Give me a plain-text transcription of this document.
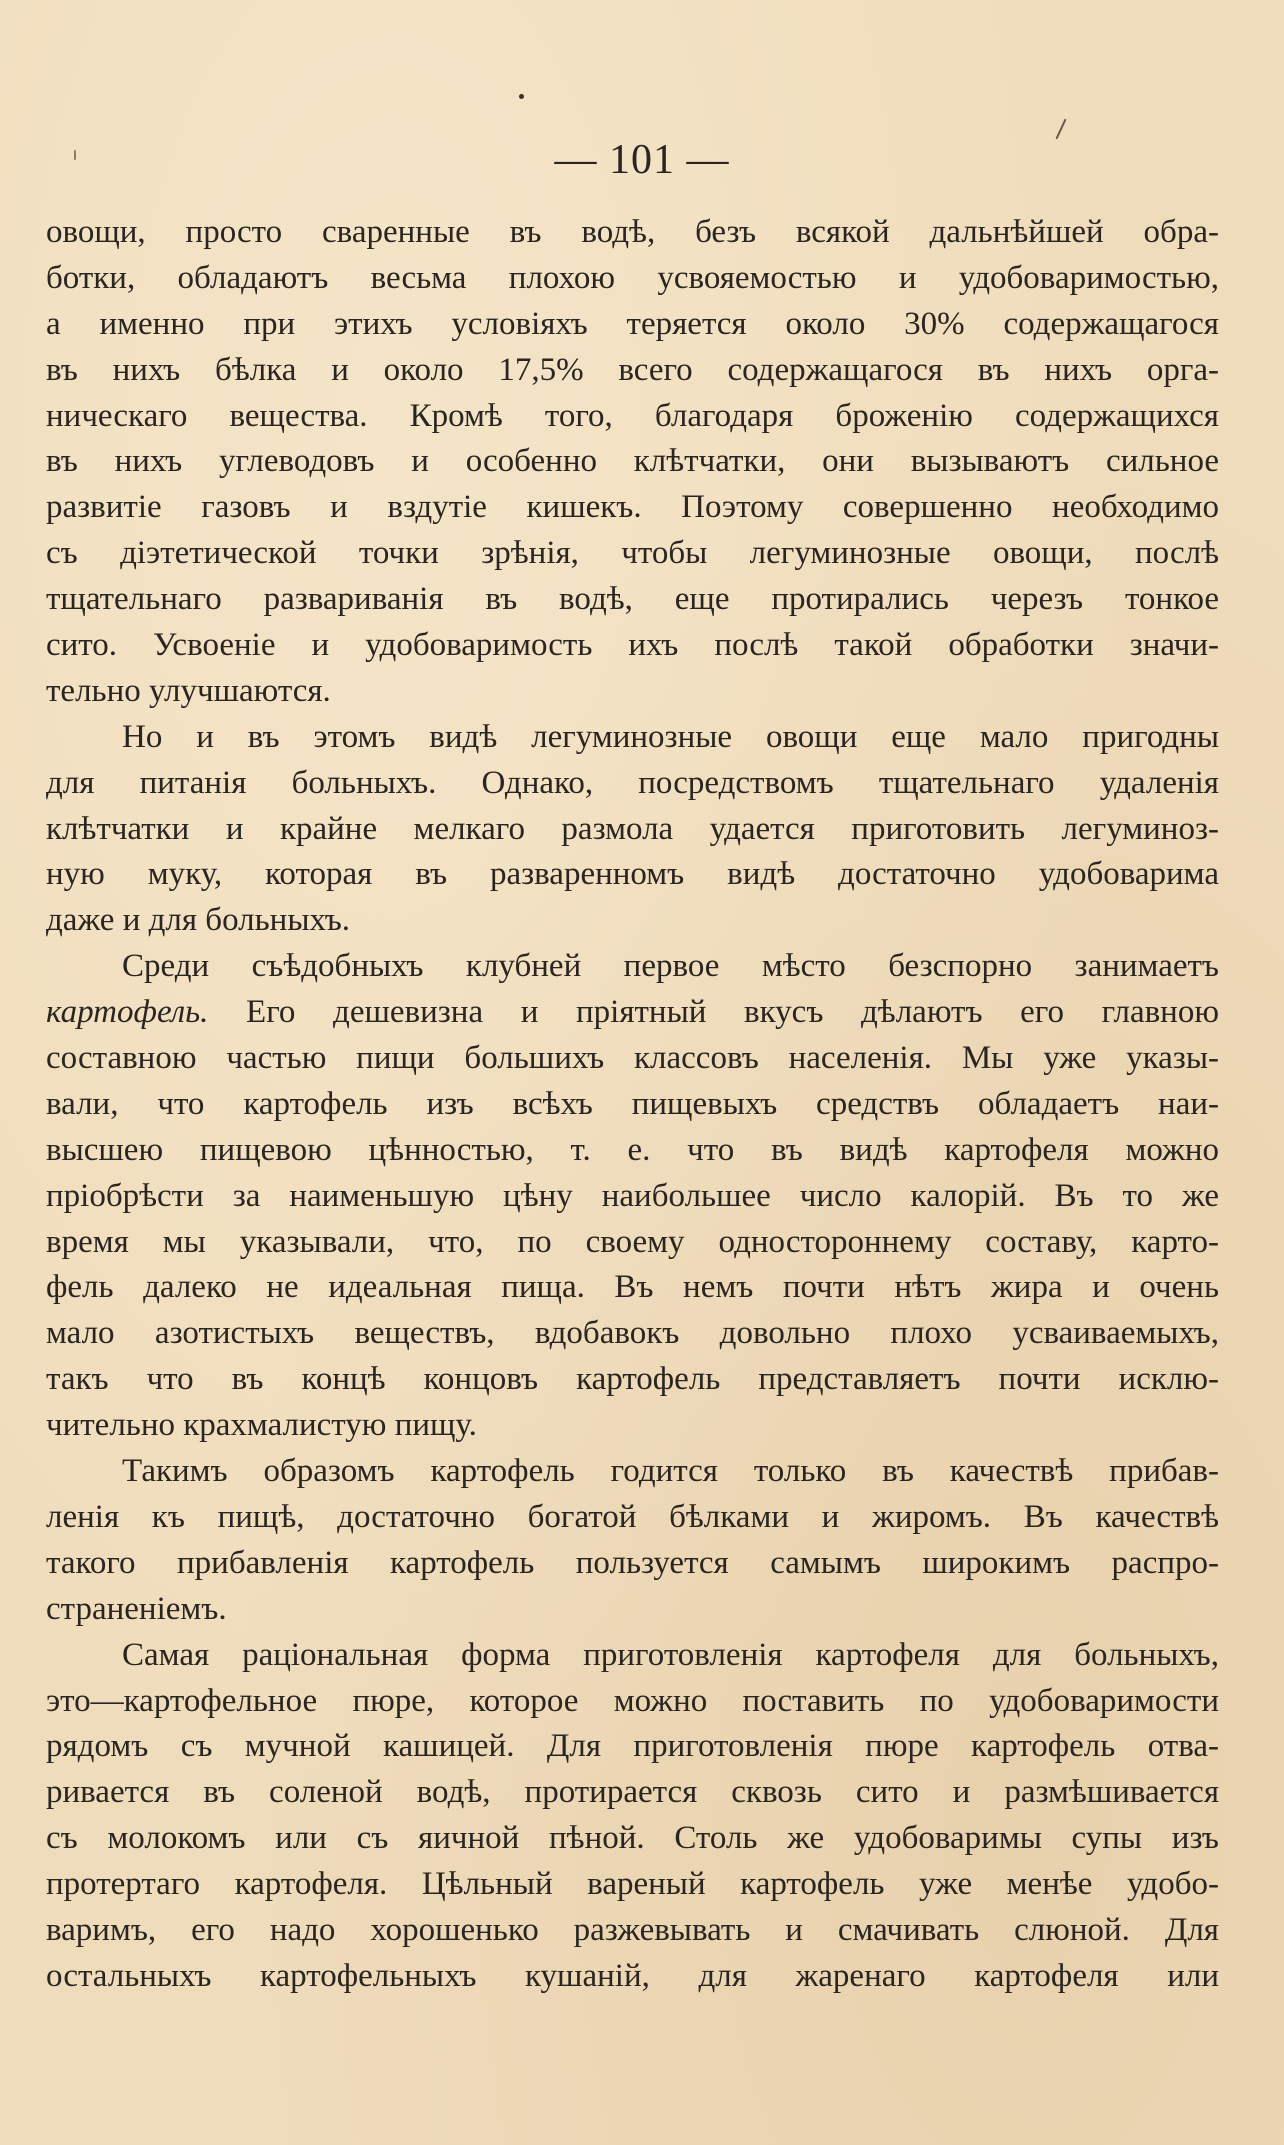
— 101 —
овощи, просто сваренные въ водѣ, безъ всякой дальнѣйшей обра-
ботки, обладаютъ весьма плохою усвояемостью и удобоваримостью,
а именно при этихъ условіяхъ теряется около 30% содержащагося
въ нихъ бѣлка и около 17,5% всего содержащагося въ нихъ орга-
ническаго вещества. Кромѣ того, благодаря броженію содержащихся
въ нихъ углеводовъ и особенно клѣтчатки, они вызываютъ сильное
развитіе газовъ и вздутіе кишекъ. Поэтому совершенно необходимо
съ діэтетической точки зрѣнія, чтобы легуминозные овощи, послѣ
тщательнаго развариванія въ водѣ, еще протирались черезъ тонкое
сито. Усвоеніе и удобоваримость ихъ послѣ такой обработки значи-
тельно улучшаются.
Но и въ этомъ видѣ легуминозные овощи еще мало пригодны
для питанія больныхъ. Однако, посредствомъ тщательнаго удаленія
клѣтчатки и крайне мелкаго размола удается приготовить легуминоз-
ную муку, которая въ разваренномъ видѣ достаточно удобоварима
даже и для больныхъ.
Среди съѣдобныхъ клубней первое мѣсто безспорно занимаетъ
картофель. Его дешевизна и пріятный вкусъ дѣлаютъ его главною
составною частью пищи большихъ классовъ населенія. Мы уже указы-
вали, что картофель изъ всѣхъ пищевыхъ средствъ обладаетъ наи-
высшею пищевою цѣнностью, т. е. что въ видѣ картофеля можно
пріобрѣсти за наименьшую цѣну наибольшее число калорій. Въ то же
время мы указывали, что, по своему одностороннему составу, карто-
фель далеко не идеальная пища. Въ немъ почти нѣтъ жира и очень
мало азотистыхъ веществъ, вдобавокъ довольно плохо усваиваемыхъ,
такъ что въ концѣ концовъ картофель представляетъ почти исклю-
чительно крахмалистую пищу.
Такимъ образомъ картофель годится только въ качествѣ прибав-
ленія къ пищѣ, достаточно богатой бѣлками и жиромъ. Въ качествѣ
такого прибавленія картофель пользуется самымъ широкимъ распро-
страненіемъ.
Самая раціональная форма приготовленія картофеля для больныхъ,
это—картофельное пюре, которое можно поставить по удобоваримости
рядомъ съ мучной кашицей. Для приготовленія пюре картофель отва-
ривается въ соленой водѣ, протирается сквозь сито и размѣшивается
съ молокомъ или съ яичной пѣной. Столь же удобоваримы супы изъ
протертаго картофеля. Цѣльный вареный картофель уже менѣе удобо-
варимъ, его надо хорошенько разжевывать и смачивать слюной. Для
остальныхъ картофельныхъ кушаній, для жаренаго картофеля или
